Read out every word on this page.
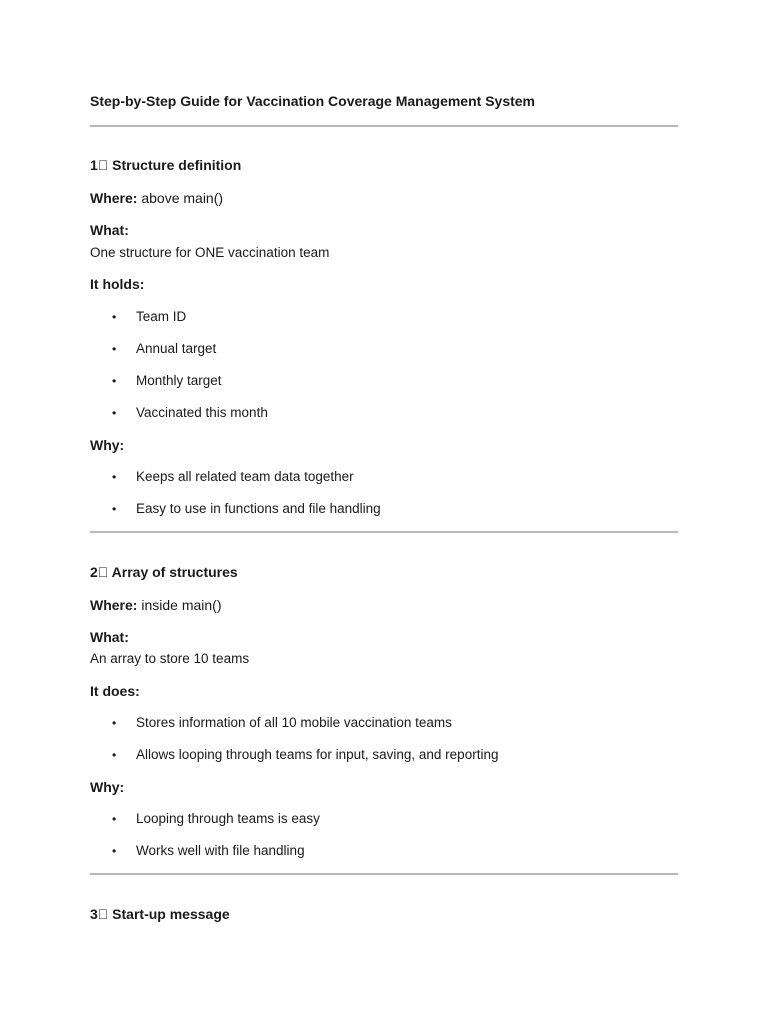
Step-by-Step Guide for Vaccination Coverage Management System
1⃣ Structure definition
Where: above main()
What:
One structure for ONE vaccination team
It holds:
• Team ID
• Annual target
• Monthly target
• Vaccinated this month
Why:
• Keeps all related team data together
• Easy to use in functions and file handling
2⃣ Array of structures
Where: inside main()
What:
An array to store 10 teams
It does:
• Stores information of all 10 mobile vaccination teams
• Allows looping through teams for input, saving, and reporting
Why:
• Looping through teams is easy
• Works well with file handling
3⃣ Start-up message
